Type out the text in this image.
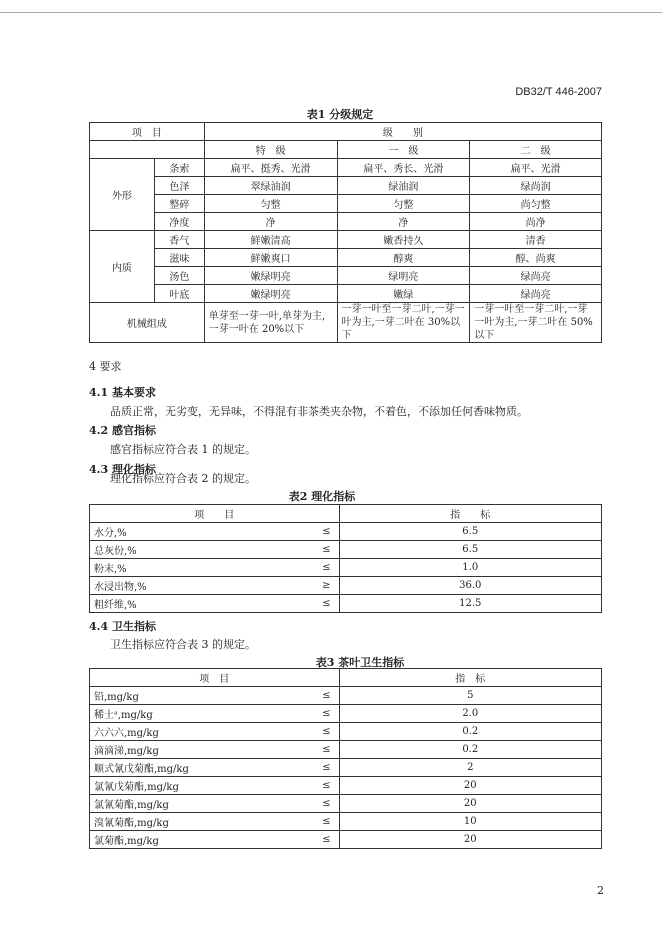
DB32/T 446-2007
表1 分级规定
项　目		级　　别		
		特　级	一　级	二　级
外形	条索	扁平、挺秀、光滑	扁平、秀长、光滑	扁平、光滑
	色泽	翠绿油润	绿油润	绿尚润
	整碎	匀整	匀整	尚匀整
	净度	净	净	尚净
内质	香气	鲜嫩清高	嫩香持久	清香
	滋味	鲜嫩爽口	醇爽	醇、尚爽
	汤色	嫩绿明亮	绿明亮	绿尚亮
	叶底	嫩绿明亮	嫩绿	绿尚亮
机械组成		单芽至一芽一叶,单芽为主,一芽一叶在 20%以下	一芽一叶至一芽二叶,一芽一叶为主,一芽二叶在 30%以下	一芽一叶至一芽二叶,一芽一叶为主,一芽二叶在 50%以下
4 要求
4.1 基本要求
品质正常，无劣变，无异味，不得混有非茶类夹杂物，不着色，不添加任何香味物质。
4.2 感官指标
感官指标应符合表 1 的规定。
4.3 理化指标
理化指标应符合表 2 的规定。
表2 理化指标
项　　目		指　　标
水分,%	≤	6.5
总灰份,%	≤	6.5
粉末,%	≤	1.0
水浸出物,%	≥	36.0
粗纤维,%	≤	12.5
4.4 卫生指标
卫生指标应符合表 3 的规定。
表3 茶叶卫生指标
项　目		指　标
铅,mg/kg	≤	5
稀土ᵃ,mg/kg	≤	2.0
六六六,mg/kg	≤	0.2
滴滴涕,mg/kg	≤	0.2
顺式氰戊菊酯,mg/kg	≤	2
氯氰戊菊酯,mg/kg	≤	20
氯氰菊酯,mg/kg	≤	20
溴氰菊酯,mg/kg	≤	10
氯菊酯,mg/kg	≤	20
2
